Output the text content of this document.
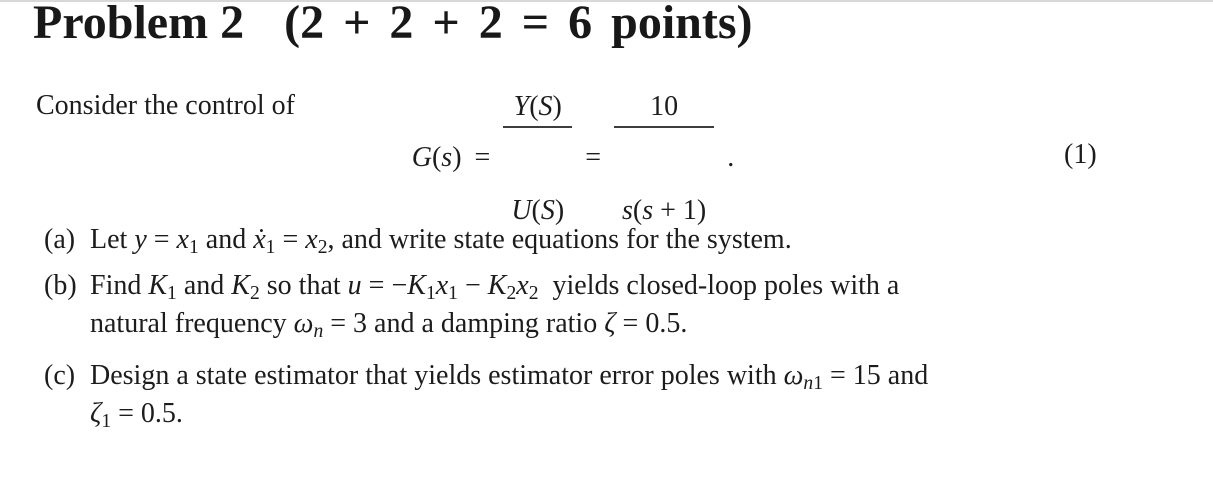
Problem 2 (2 + 2 + 2 = 6 points)
Consider the control of
G(s) =

$\frac{Y(S)}{U(S)}$

=

$\frac{10}{s(s + 1)}$

.	(1)
(a) Let y = x1 and ẋ1 = x2, and write state equations for the system.
(b) Find K1 and K2 so that u = −K1x1 − K2x2  yields closed-loop poles with a
natural frequency ωn = 3 and a damping ratio ζ = 0.5.
(c) Design a state estimator that yields estimator error poles with ωn1 = 15 and
ζ1 = 0.5.
